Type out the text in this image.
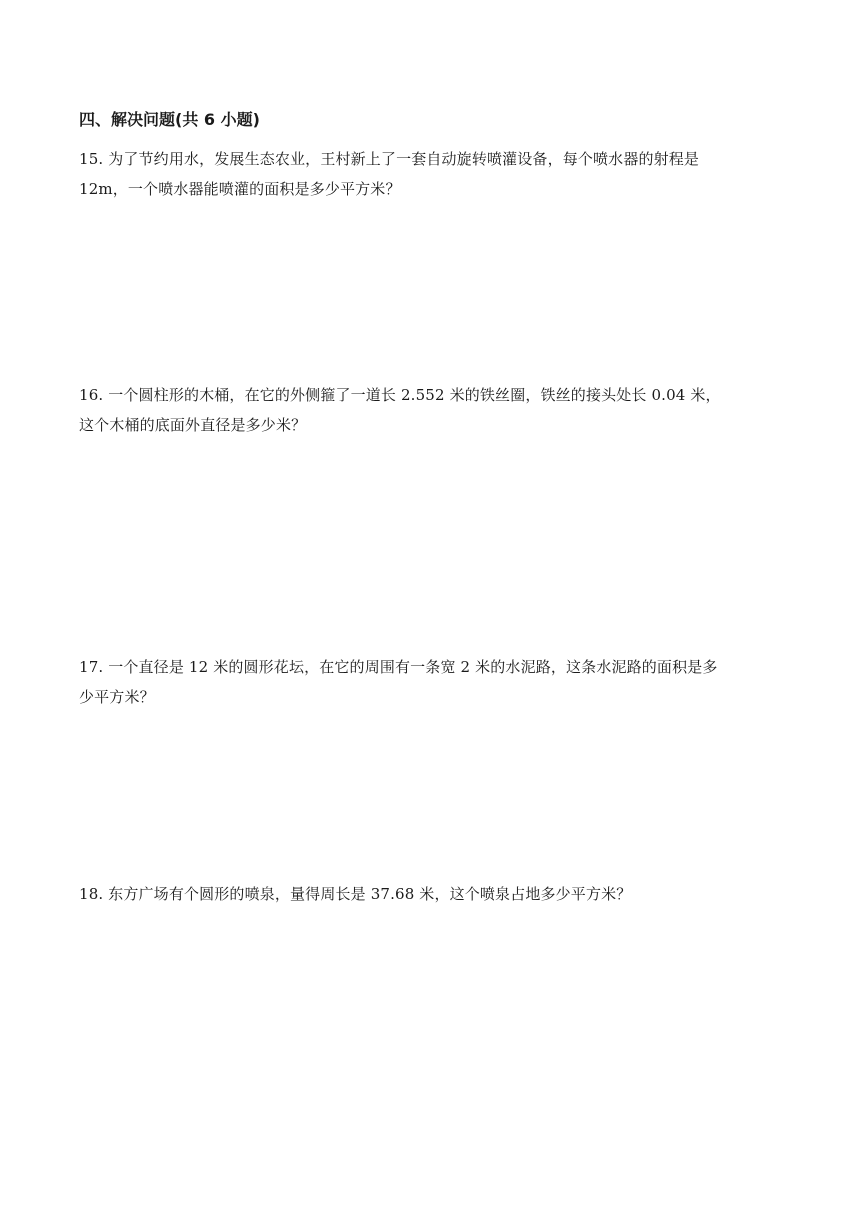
四、解决问题(共 6 小题)
15. 为了节约用水，发展生态农业，王村新上了一套自动旋转喷灌设备，每个喷水器的射程是
12m，一个喷水器能喷灌的面积是多少平方米？
16. 一个圆柱形的木桶，在它的外侧箍了一道长 2.552 米的铁丝圈，铁丝的接头处长 0.04 米，
这个木桶的底面外直径是多少米？
17. 一个直径是 12 米的圆形花坛，在它的周围有一条宽 2 米的水泥路，这条水泥路的面积是多
少平方米？
18. 东方广场有个圆形的喷泉，量得周长是 37.68 米，这个喷泉占地多少平方米？
